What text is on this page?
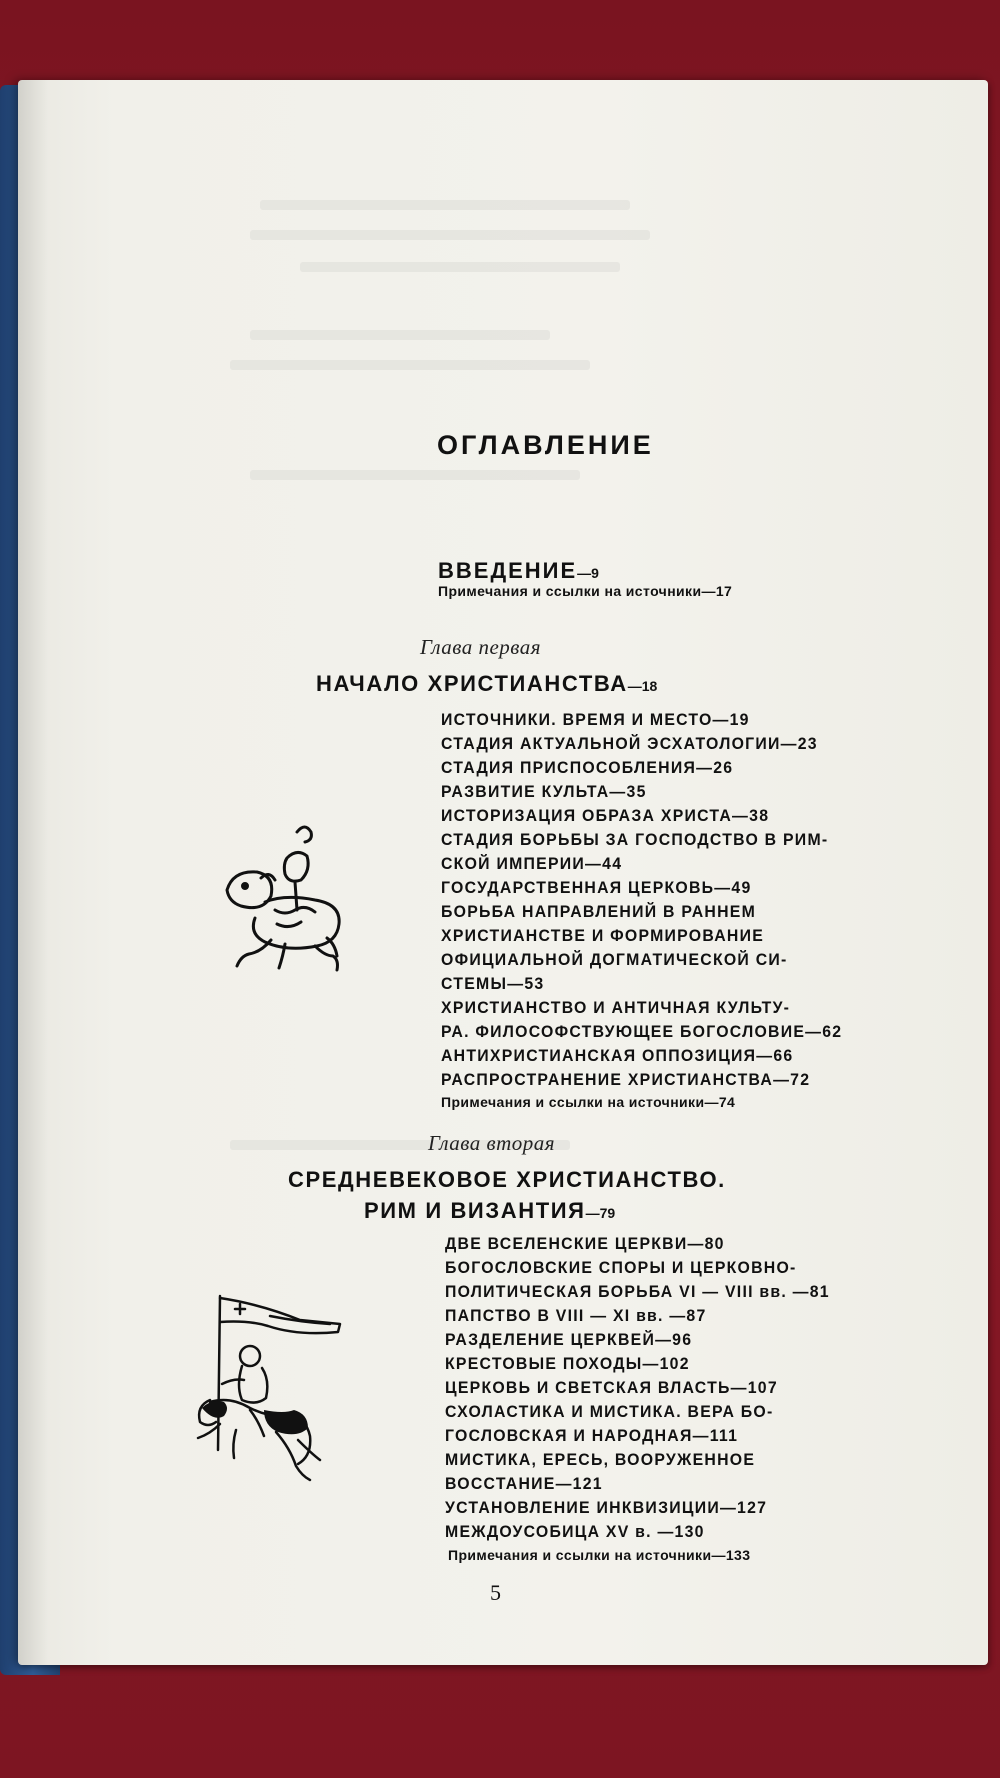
ОГЛАВЛЕНИЕ
ВВЕДЕНИЕ—9
Примечания и ссылки на источники—17
Глава первая
НАЧАЛО ХРИСТИАНСТВА—18
ИСТОЧНИКИ. ВРЕМЯ И МЕСТО—19
СТАДИЯ АКТУАЛЬНОЙ ЭСХАТОЛОГИИ—23
СТАДИЯ ПРИСПОСОБЛЕНИЯ—26
РАЗВИТИЕ КУЛЬТА—35
ИСТОРИЗАЦИЯ ОБРАЗА ХРИСТА—38
СТАДИЯ БОРЬБЫ ЗА ГОСПОДСТВО В РИМ-
СКОЙ ИМПЕРИИ—44
ГОСУДАРСТВЕННАЯ ЦЕРКОВЬ—49
БОРЬБА НАПРАВЛЕНИЙ В РАННЕМ
ХРИСТИАНСТВЕ И ФОРМИРОВАНИЕ
ОФИЦИАЛЬНОЙ ДОГМАТИЧЕСКОЙ СИ-
СТЕМЫ—53
ХРИСТИАНСТВО И АНТИЧНАЯ КУЛЬТУ-
РА. ФИЛОСОФСТВУЮЩЕЕ БОГОСЛОВИЕ—62
АНТИХРИСТИАНСКАЯ ОППОЗИЦИЯ—66
РАСПРОСТРАНЕНИЕ ХРИСТИАНСТВА—72
Примечания и ссылки на источники—74
Глава вторая
СРЕДНЕВЕКОВОЕ ХРИСТИАНСТВО.
РИМ И ВИЗАНТИЯ—79
ДВЕ ВСЕЛЕНСКИЕ ЦЕРКВИ—80
БОГОСЛОВСКИЕ СПОРЫ И ЦЕРКОВНО-
ПОЛИТИЧЕСКАЯ БОРЬБА VI — VIII вв. —81
ПАПСТВО В VIII — XI вв. —87
РАЗДЕЛЕНИЕ ЦЕРКВЕЙ—96
КРЕСТОВЫЕ ПОХОДЫ—102
ЦЕРКОВЬ И СВЕТСКАЯ ВЛАСТЬ—107
СХОЛАСТИКА И МИСТИКА. ВЕРА БО-
ГОСЛОВСКАЯ И НАРОДНАЯ—111
МИСТИКА, ЕРЕСЬ, ВООРУЖЕННОЕ
ВОССТАНИЕ—121
УСТАНОВЛЕНИЕ ИНКВИЗИЦИИ—127
МЕЖДОУСОБИЦА XV в. —130
Примечания и ссылки на источники—133
5
